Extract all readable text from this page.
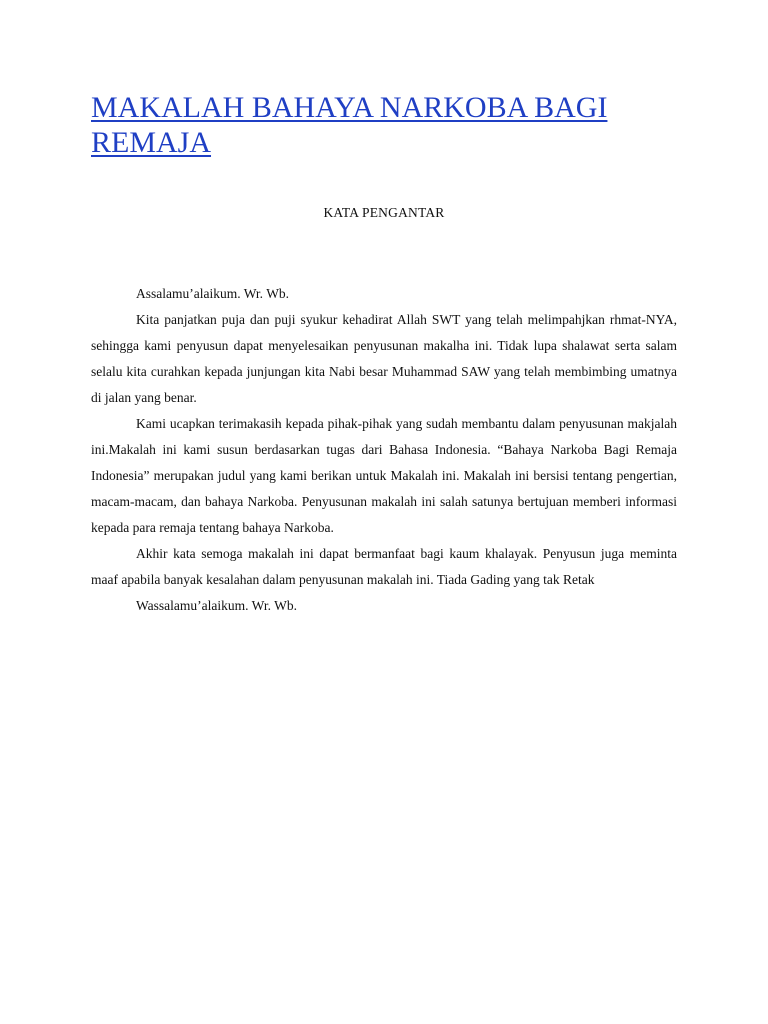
MAKALAH BAHAYA NARKOBA BAGI REMAJA
KATA PENGANTAR

Assalamu’alaikum. Wr. Wb.

Kita panjatkan puja dan puji syukur kehadirat Allah SWT yang telah melimpahjkan rhmat-NYA, sehingga kami penyusun dapat menyelesaikan penyusunan makalha ini. Tidak lupa shalawat serta salam selalu kita curahkan kepada junjungan kita Nabi besar Muhammad SAW yang telah membimbing umatnya di jalan yang benar.

Kami ucapkan terimakasih kepada pihak-pihak yang sudah membantu dalam penyusunan makjalah ini.Makalah ini kami susun berdasarkan tugas dari Bahasa Indonesia. “Bahaya Narkoba Bagi Remaja Indonesia” merupakan judul yang kami berikan untuk Makalah ini. Makalah ini bersisi tentang pengertian, macam-macam, dan bahaya Narkoba. Penyusunan makalah ini salah satunya bertujuan memberi informasi kepada para remaja tentang bahaya Narkoba.

Akhir kata semoga makalah ini dapat bermanfaat bagi kaum khalayak. Penyusun juga meminta maaf apabila banyak kesalahan dalam penyusunan makalah ini. Tiada Gading yang tak Retak

Wassalamu’alaikum. Wr. Wb.
